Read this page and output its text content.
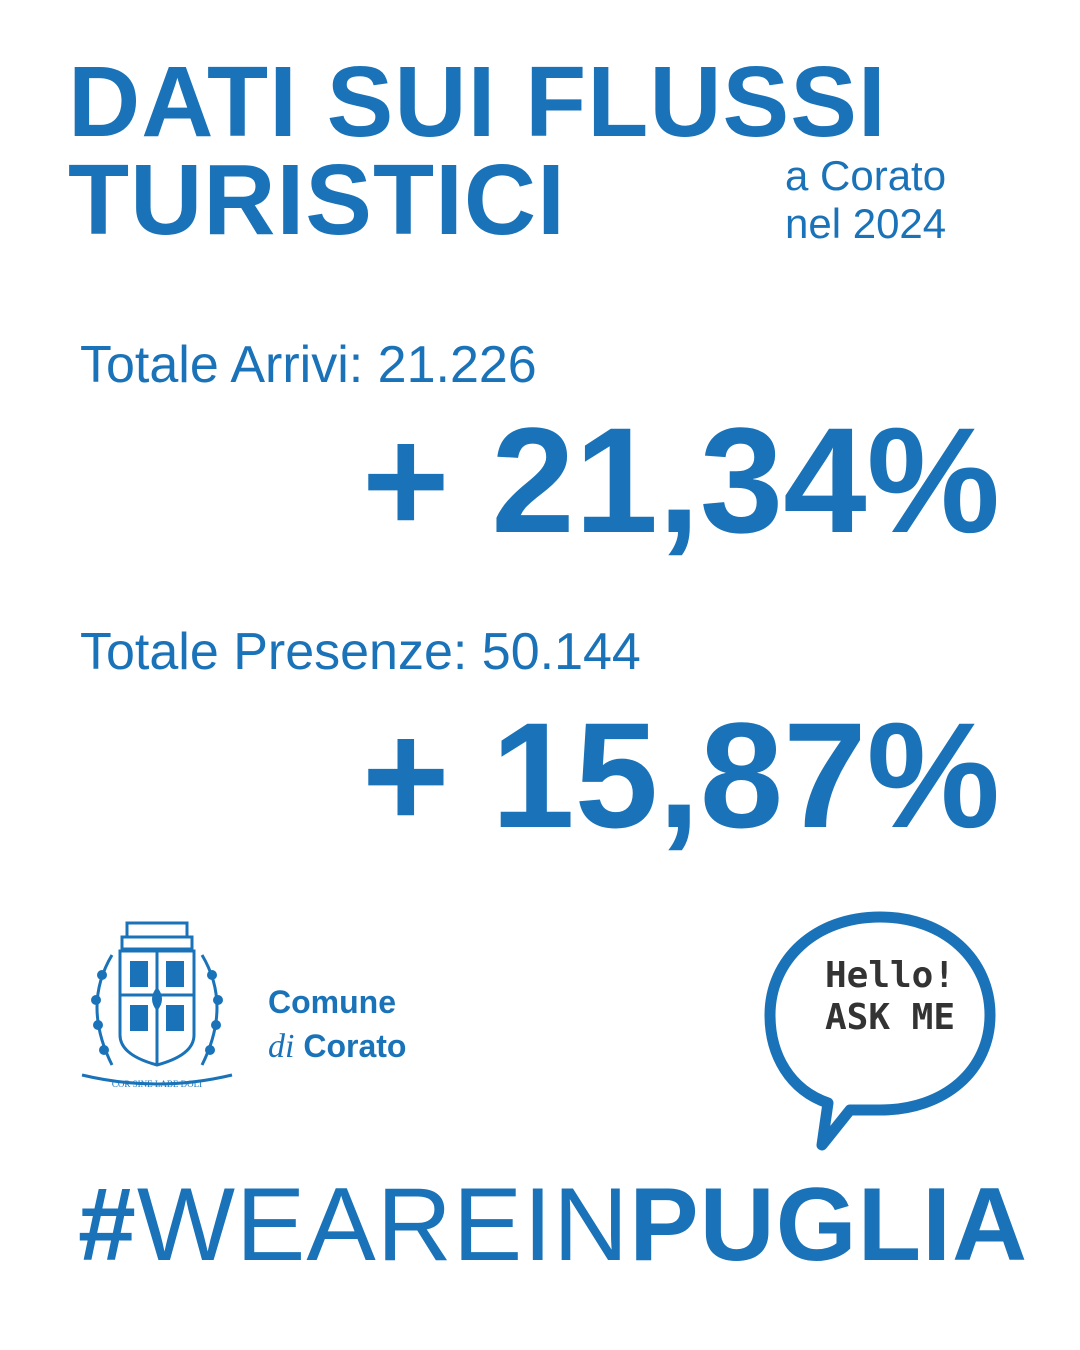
DATI SUI FLUSSI
TURISTICI	a Corato
nel 2024
Totale Arrivi: 21.226
+ 21,34%
Totale Presenze: 50.144
+ 15,87%
COR SINE LABE DOLI
Comune
di Corato
Hello!
ASK ME
#WEAREINPUGLIA
